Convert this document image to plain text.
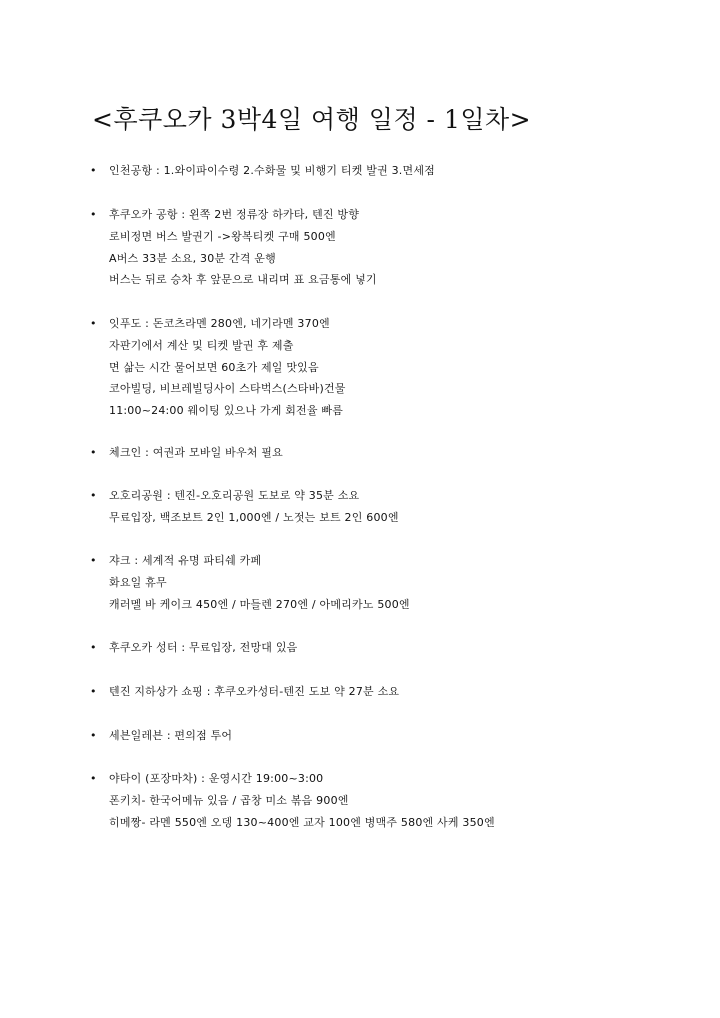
<후쿠오카 3박4일 여행 일정 - 1일차>
•	인천공항 : 1.와이파이수령 2.수화물 및 비행기 티켓 발권 3.면세점
•	후쿠오카 공항 : 왼쪽 2번 정류장 하카타, 텐진 방향
로비정면 버스 발권기 ->왕복티켓 구매 500엔
A버스 33분 소요, 30분 간격 운행
버스는 뒤로 승차 후 앞문으로 내리며 표 요금통에 넣기
•	잇푸도 : 돈코츠라멘 280엔, 네기라멘 370엔
자판기에서 계산 및 티켓 발권 후 제출
면 삶는 시간 물어보면 60초가 제일 맛있음
코아빌딩, 비브레빌딩사이 스타벅스(스타바)건물
11:00~24:00 웨이팅 있으나 가게 회전율 빠름
•	체크인 : 여권과 모바일 바우처 필요
•	오호리공원 : 텐진-오호리공원 도보로 약 35분 소요
무료입장, 백조보트 2인 1,000엔 / 노젓는 보트 2인 600엔
•	쟈크 : 세계적 유명 파티쉐 카페
화요일 휴무
캐러멜 바 케이크 450엔 / 마들렌 270엔 / 아메리카노 500엔
•	후쿠오카 성터 : 무료입장, 전망대 있음
•	텐진 지하상가 쇼핑 : 후쿠오카성터-텐진 도보 약 27분 소요
•	세븐일레븐 : 편의점 투어
•	야타이 (포장마차) : 운영시간 19:00~3:00
폰키치- 한국어메뉴 있음 / 곱창 미소 볶음 900엔
히메짱- 라멘 550엔 오뎅 130~400엔 교자 100엔 병맥주 580엔 사케 350엔
